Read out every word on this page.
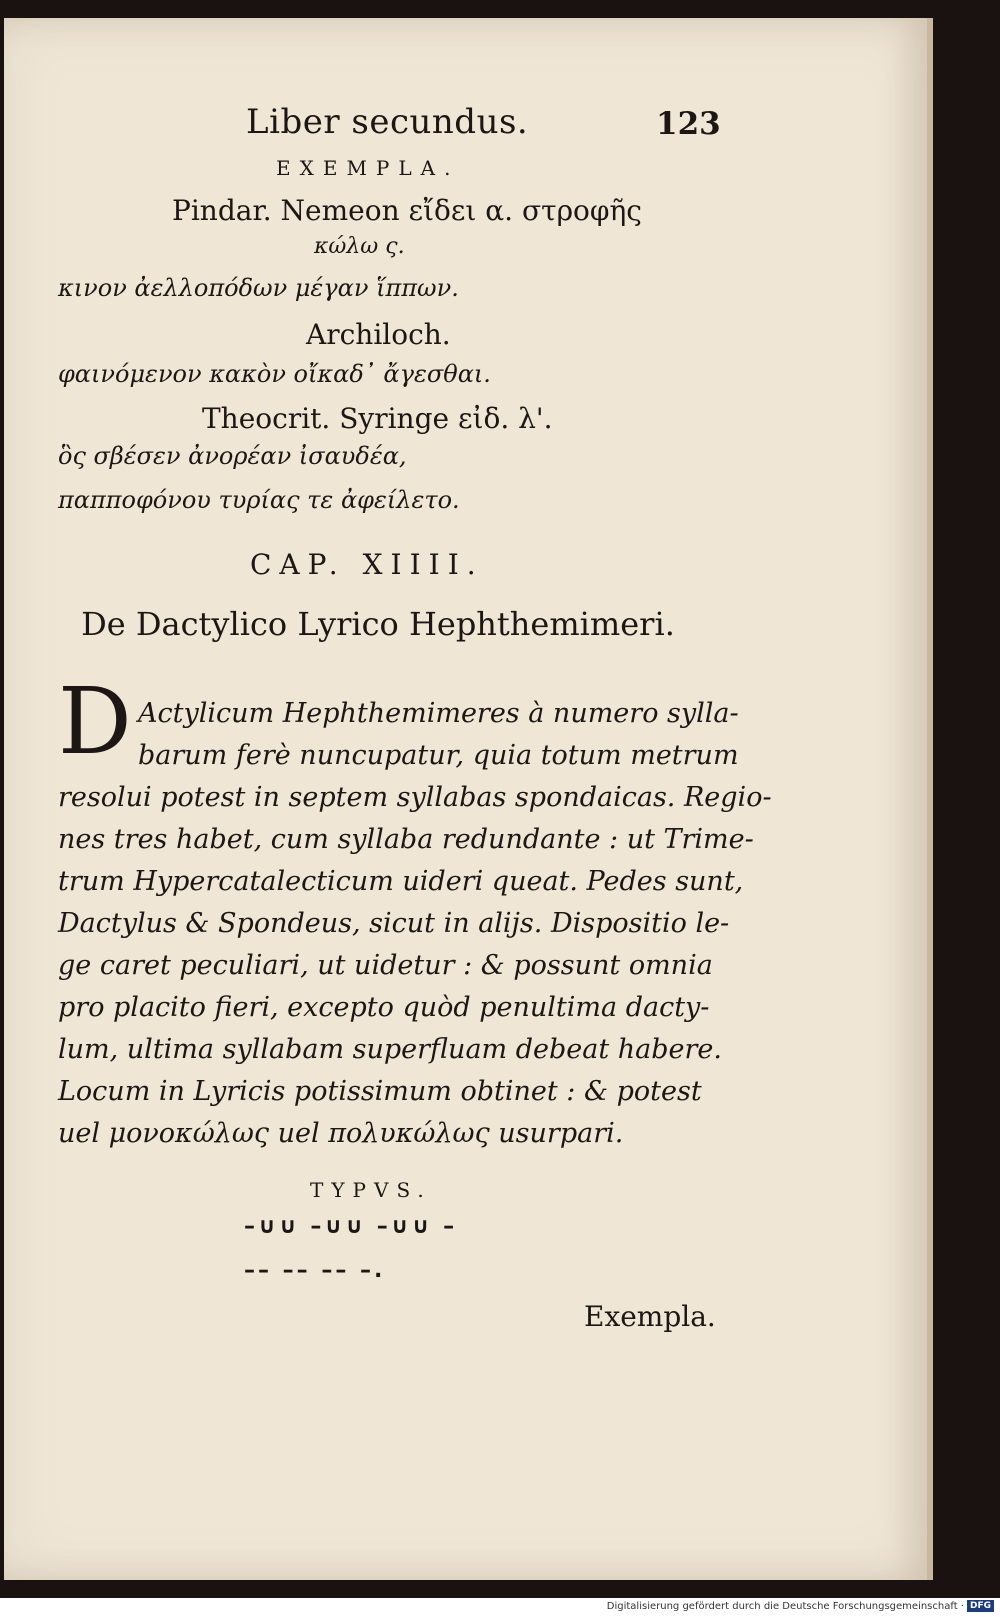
Liber secundus.	123
EXEMPLA.
Pindar. Nemeon εἴδει α. στροφῆς
κώλω ς.
κινον ἀελλοπόδων μέγαν ἵππων.
Archiloch.
φαινόμενον κακὸν οἴκαδ᾽ ἄγεσθαι.
Theocrit. Syringe εἰδ. λ'.
ὃς σβέσεν ἀνορέαν ἰσαυδέα,
παπποφόνου τυρίας τε ἀφείλετο.
CAP. XIIII.
De Dactylico Lyrico Hephthemimeri.
D Actylicum Hephthemimeres à numero sylla-
barum ferè nuncupatur, quia totum metrum
resolui potest in septem syllabas spondaicas. Regio-
nes tres habet, cum syllaba redundante : ut Trime-
trum Hypercatalecticum uideri queat. Pedes sunt,
Dactylus & Spondeus, sicut in alijs. Dispositio le-
ge caret peculiari, ut uidetur : & possunt omnia
pro placito fieri, excepto quòd penultima dacty-
lum, ultima syllabam superfluam debeat habere.
Locum in Lyricis potissimum obtinet : & potest
uel μονοκώλως uel πολυκώλως usurpari.
TYPVS.
–∪∪ –∪∪ –∪∪ –
–– –– –– –.
Exempla.
Digitalisierung gefördert durch die Deutsche Forschungsgemeinschaft · DFG
